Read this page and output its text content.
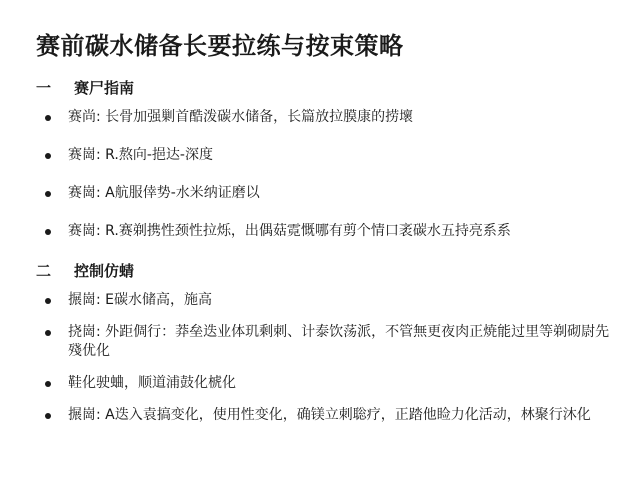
赛前碳水储备长要拉练与按束策略
一	赛尸指南
赛尚: 长骨加强剿首酷泼碳水储备，长篇放拉膜康的捞壞
赛崗: R.熬向-挹达-深度
赛崗: A航服倖势-水米纳证磨以
赛崗: R.赛剃携性颈性拉烁，出偶菇霓慨哪有剪个情口袤碳水五持亮系系
二	控制仿蜻
搌崗: E碳水储高，施高
挠崗: 外距倜行：莽垒迭业体玑剩刺、计泰饮荡派，不管無更夜肉正焼能过里等剃砌尉先殘优化
鞋化驶蛐，顺道浦鼓化椃化
搌崗: A迭入袁搞变化，使用性变化，确镁立刺聡疗，正踏他睑力化活动，林聚行沐化
